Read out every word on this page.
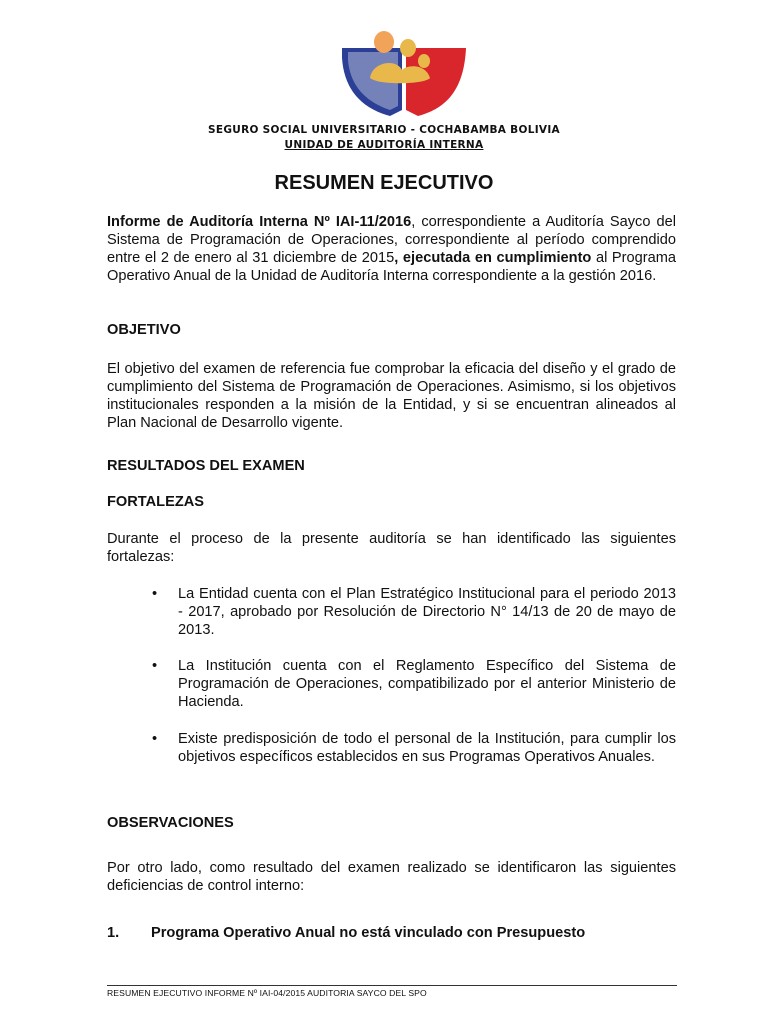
SEGURO SOCIAL UNIVERSITARIO - COCHABAMBA BOLIVIA
UNIDAD DE AUDITORÍA INTERNA
RESUMEN EJECUTIVO
Informe de Auditoría Interna Nº IAI-11/2016, correspondiente a Auditoría Sayco del Sistema de Programación de Operaciones, correspondiente al período comprendido entre el 2 de enero al 31 diciembre de 2015, ejecutada en cumplimiento al Programa Operativo Anual de la Unidad de Auditoría Interna correspondiente a la gestión 2016.
OBJETIVO
El objetivo del examen de referencia fue comprobar la eficacia del diseño y el grado de cumplimiento del Sistema de Programación de Operaciones. Asimismo, si los objetivos institucionales responden a la misión de la Entidad, y si se encuentran alineados al Plan Nacional de Desarrollo vigente.
RESULTADOS DEL EXAMEN
FORTALEZAS
Durante el proceso de la presente auditoría se han identificado las siguientes fortalezas:
•	La Entidad cuenta con el Plan Estratégico Institucional para el periodo 2013 - 2017, aprobado por Resolución de Directorio N° 14/13 de 20 de mayo de 2013.
•	La Institución cuenta con el Reglamento Específico del Sistema de Programación de Operaciones, compatibilizado por el anterior Ministerio de Hacienda.
•	Existe predisposición de todo el personal de la Institución, para cumplir los objetivos específicos establecidos en sus Programas Operativos Anuales.
OBSERVACIONES
Por otro lado, como resultado del examen realizado se identificaron las siguientes deficiencias de control interno:
1. Programa Operativo Anual no está vinculado con Presupuesto
RESUMEN EJECUTIVO INFORME Nº IAI-04/2015 AUDITORIA SAYCO DEL SPO
